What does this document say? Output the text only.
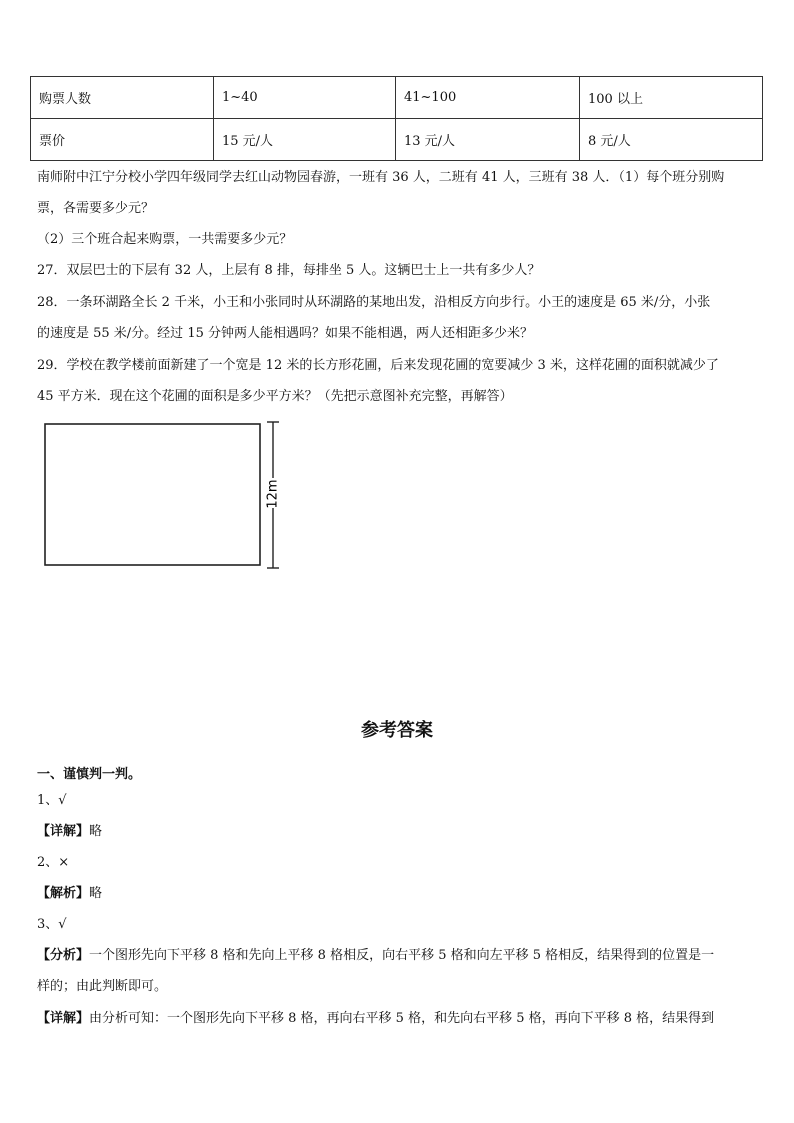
购票人数	1~40	41~100	100 以上
票价	15 元/人	13 元/人	8 元/人
南师附中江宁分校小学四年级同学去红山动物园春游，一班有 36 人，二班有 41 人，三班有 38 人．（1）每个班分别购
票，各需要多少元？
（2）三个班合起来购票，一共需要多少元？
27．双层巴士的下层有 32 人，上层有 8 排，每排坐 5 人。这辆巴士上一共有多少人？
28．一条环湖路全长 2 千米，小王和小张同时从环湖路的某地出发，沿相反方向步行。小王的速度是 65 米/分，小张
的速度是 55 米/分。经过 15 分钟两人能相遇吗？如果不能相遇，两人还相距多少米？
29．学校在教学楼前面新建了一个宽是 12 米的长方形花圃，后来发现花圃的宽要减少 3 米，这样花圃的面积就减少了
45 平方米．现在这个花圃的面积是多少平方米？（先把示意图补充完整，再解答）
12m
参考答案
一、谨慎判一判。
1、√
【详解】略
2、×
【解析】略
3、√
【分析】一个图形先向下平移 8 格和先向上平移 8 格相反，向右平移 5 格和向左平移 5 格相反，结果得到的位置是一
样的；由此判断即可。
【详解】由分析可知：一个图形先向下平移 8 格，再向右平移 5 格，和先向右平移 5 格，再向下平移 8 格，结果得到
